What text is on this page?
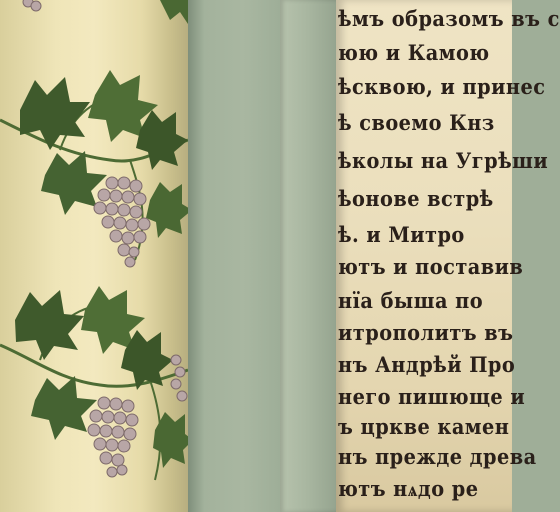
ѣмъ образомъ въ с
юю и Камою
ѣсквою, и принес
ѣ своемо Кнз
ѣколы на Угрѣши
ѣонове встрѣ
ѣ. и Митро
ютъ и поставив
нїа быша по
итрополитъ въ
нъ Андрѣй Про
него пишюще и
ъ цркве камен
нъ прежде древа
ютъ нѧдо ре
